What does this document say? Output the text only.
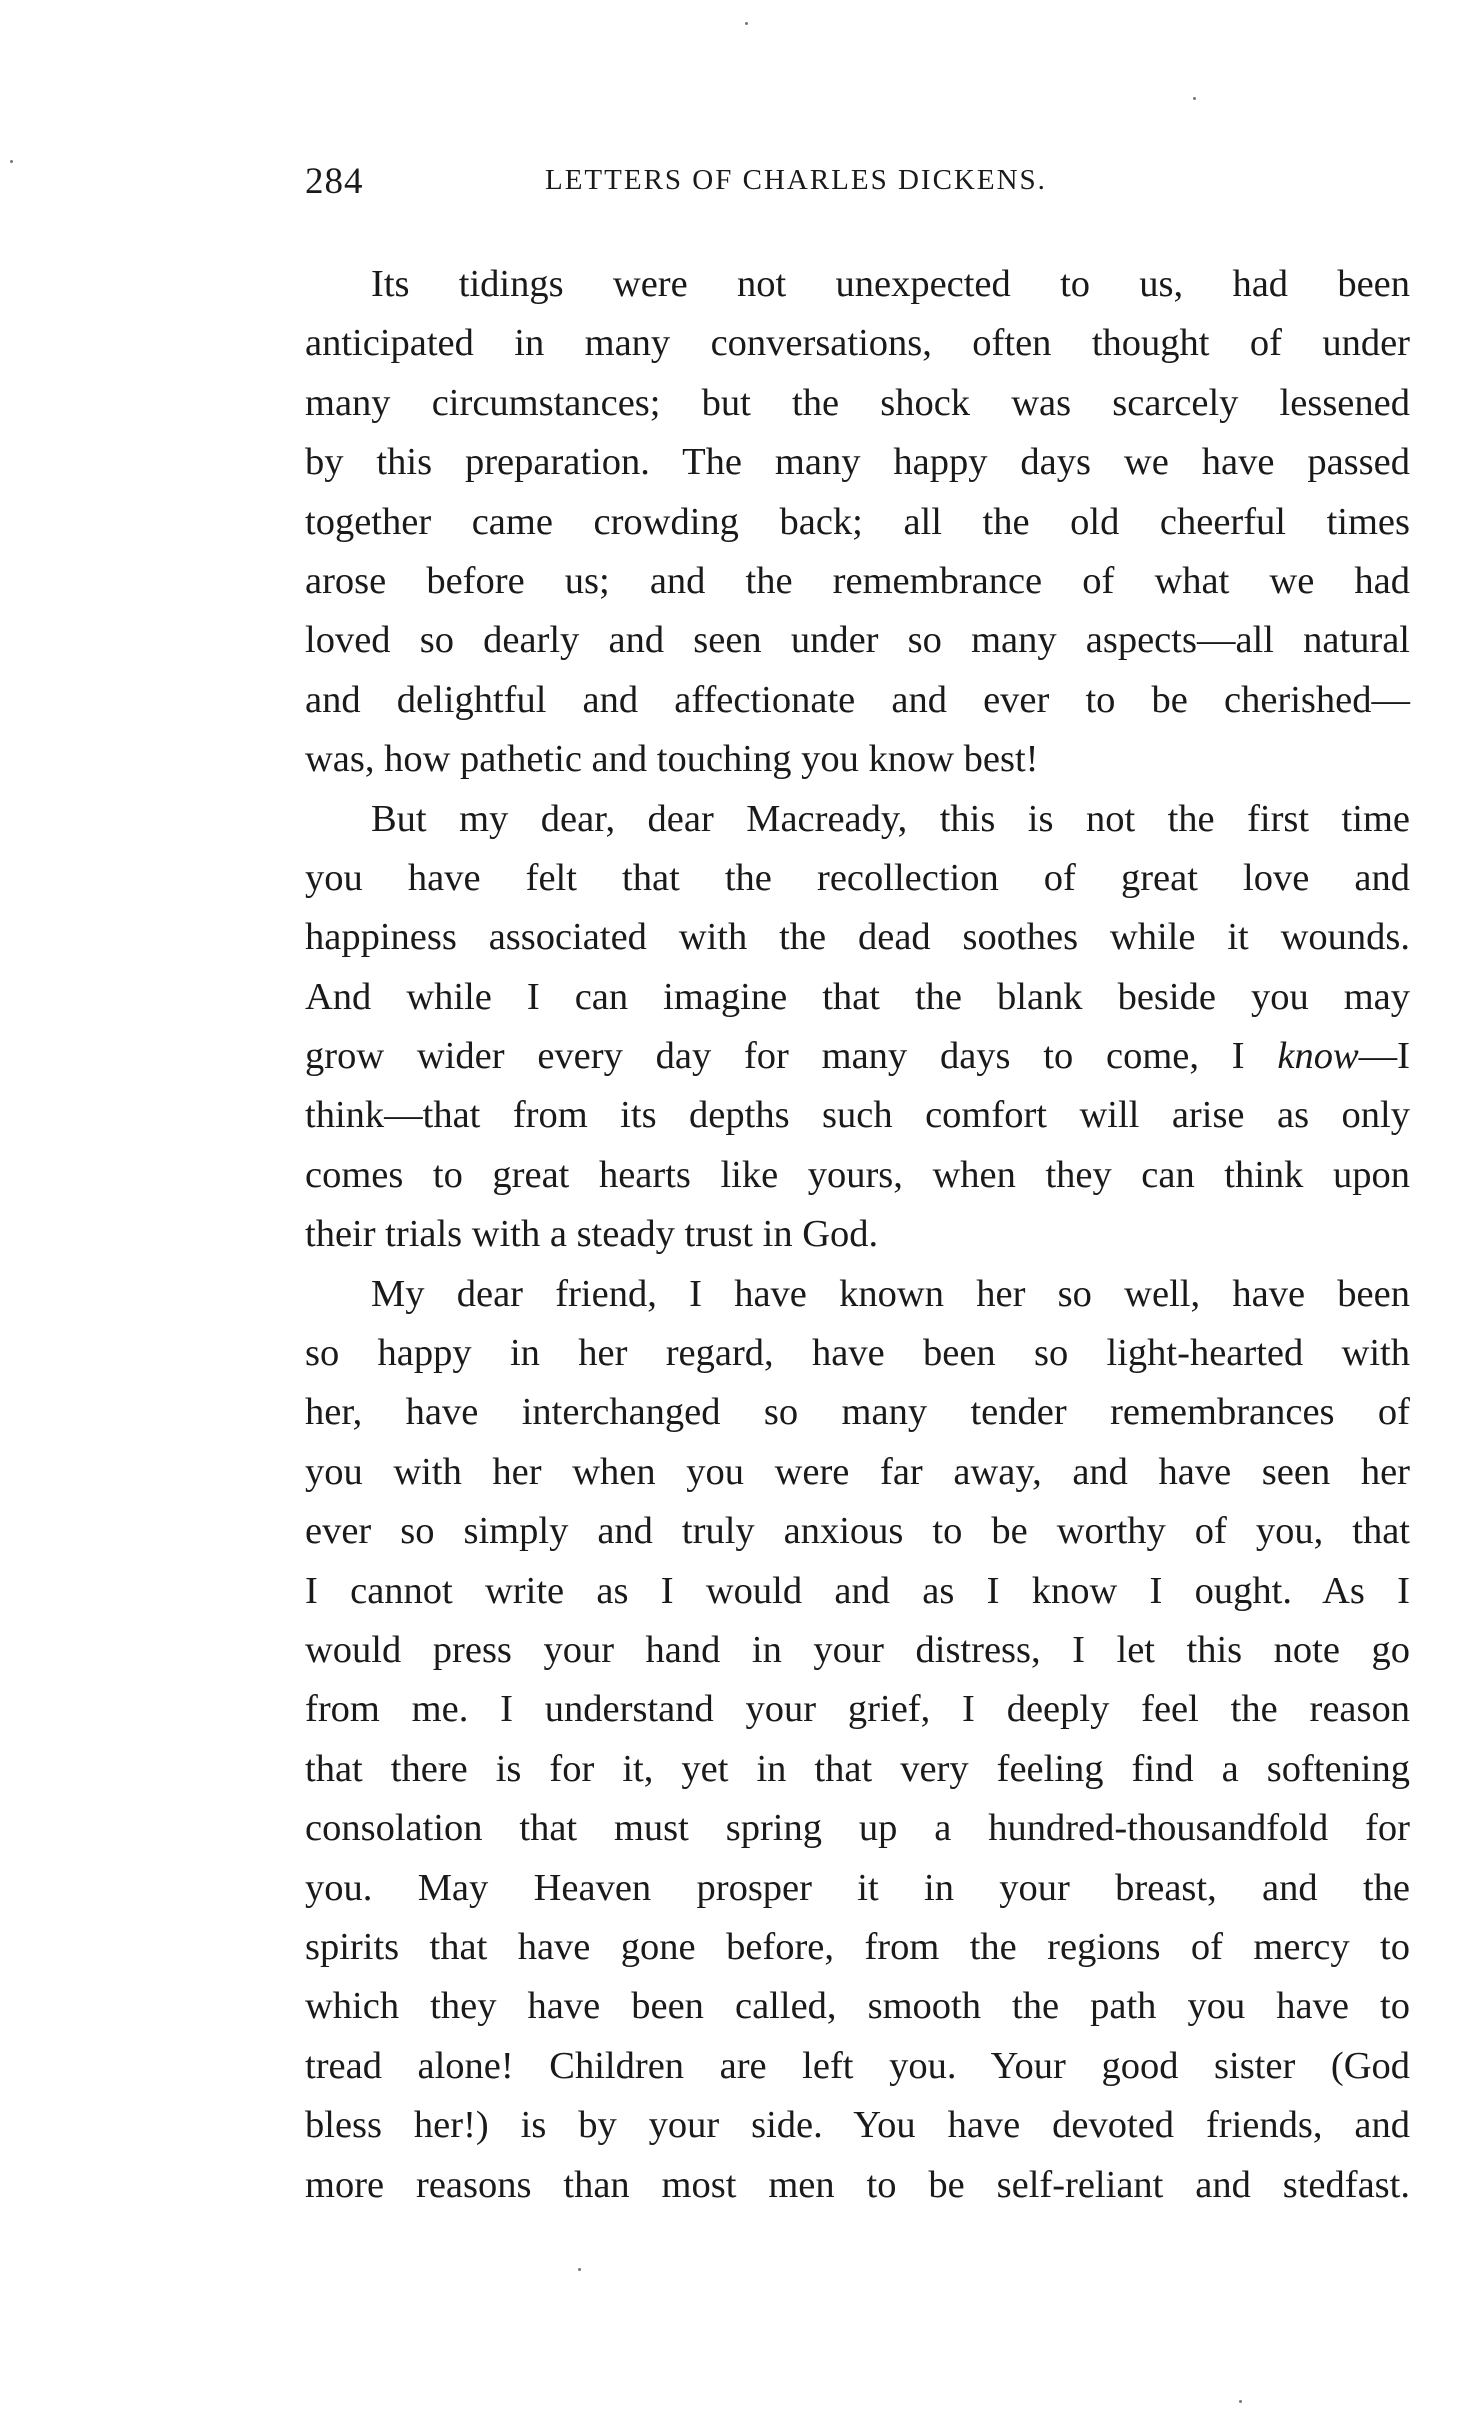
284	LETTERS OF CHARLES DICKENS.
Its tidings were not unexpected to us, had been
anticipated in many conversations, often thought of under
many circumstances; but the shock was scarcely lessened
by this preparation. The many happy days we have passed
together came crowding back; all the old cheerful times
arose before us; and the remembrance of what we had
loved so dearly and seen under so many aspects—all natural
and delightful and affectionate and ever to be cherished—
was, how pathetic and touching you know best!
But my dear, dear Macready, this is not the first time
you have felt that the recollection of great love and
happiness associated with the dead soothes while it wounds.
And while I can imagine that the blank beside you may
grow wider every day for many days to come, I know—I
think—that from its depths such comfort will arise as only
comes to great hearts like yours, when they can think upon
their trials with a steady trust in God.
My dear friend, I have known her so well, have been
so happy in her regard, have been so light-hearted with
her, have interchanged so many tender remembrances of
you with her when you were far away, and have seen her
ever so simply and truly anxious to be worthy of you, that
I cannot write as I would and as I know I ought. As I
would press your hand in your distress, I let this note go
from me. I understand your grief, I deeply feel the reason
that there is for it, yet in that very feeling find a softening
consolation that must spring up a hundred-thousandfold for
you. May Heaven prosper it in your breast, and the
spirits that have gone before, from the regions of mercy to
which they have been called, smooth the path you have to
tread alone! Children are left you. Your good sister (God
bless her!) is by your side. You have devoted friends, and
more reasons than most men to be self-reliant and stedfast.
